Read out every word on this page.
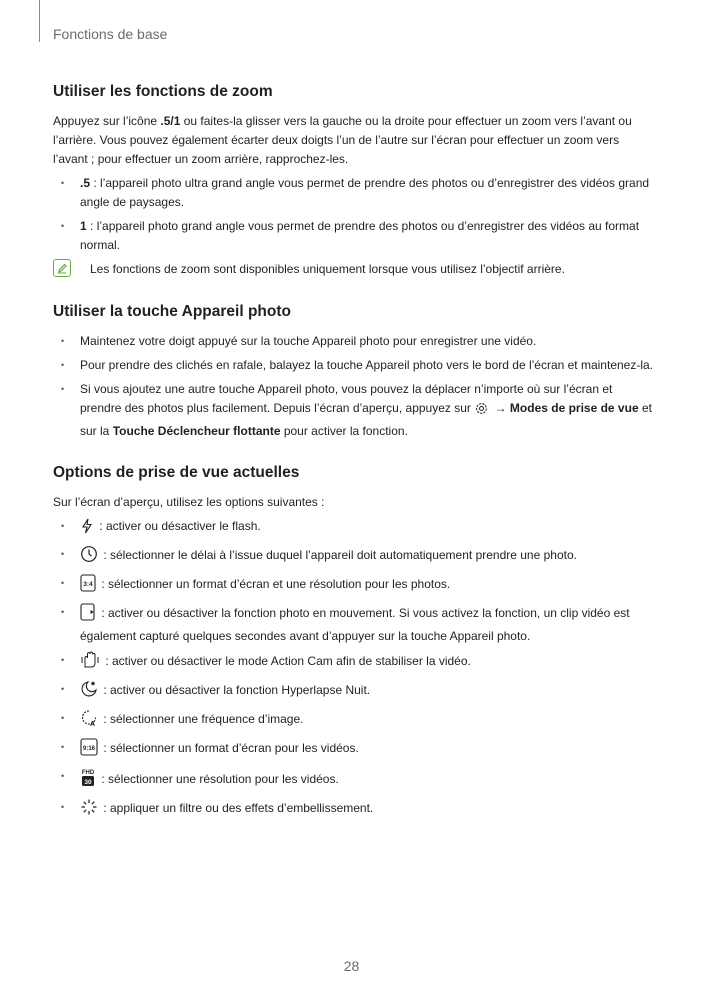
Fonctions de base
Utiliser les fonctions de zoom

Appuyez sur l’icône .5/1 ou faites-la glisser vers la gauche ou la droite pour effectuer un zoom vers l’avant ou l’arrière. Vous pouvez également écarter deux doigts l’un de l’autre sur l’écran pour effectuer un zoom vers l’avant ; pour effectuer un zoom arrière, rapprochez-les.

• .5 : l’appareil photo ultra grand angle vous permet de prendre des photos ou d’enregistrer des vidéos grand angle de paysages.
• 1 : l’appareil photo grand angle vous permet de prendre des photos ou d’enregistrer des vidéos au format normal.
Les fonctions de zoom sont disponibles uniquement lorsque vous utilisez l’objectif arrière.
Utiliser la touche Appareil photo
• Maintenez votre doigt appuyé sur la touche Appareil photo pour enregistrer une vidéo.
• Pour prendre des clichés en rafale, balayez la touche Appareil photo vers le bord de l’écran et maintenez-la.
• Si vous ajoutez une autre touche Appareil photo, vous pouvez la déplacer n’importe où sur l’écran et prendre des photos plus facilement. Depuis l’écran d’aperçu, appuyez sur  → Modes de prise de vue et sur la Touche Déclencheur flottante pour activer la fonction.
Options de prise de vue actuelles

Sur l’écran d’aperçu, utilisez les options suivantes :

• : activer ou désactiver le flash.
• : sélectionner le délai à l’issue duquel l’appareil doit automatiquement prendre une photo.
• 3:4 : sélectionner un format d’écran et une résolution pour les photos.
• : activer ou désactiver la fonction photo en mouvement. Si vous activez la fonction, un clip vidéo est également capturé quelques secondes avant d’appuyer sur la touche Appareil photo.
• : activer ou désactiver le mode Action Cam afin de stabiliser la vidéo.
• : activer ou désactiver la fonction Hyperlapse Nuit.
• A : sélectionner une fréquence d’image.
• 9:16 : sélectionner un format d’écran pour les vidéos.
• FHD
30 : sélectionner une résolution pour les vidéos.
• : appliquer un filtre ou des effets d’embellissement.
28
